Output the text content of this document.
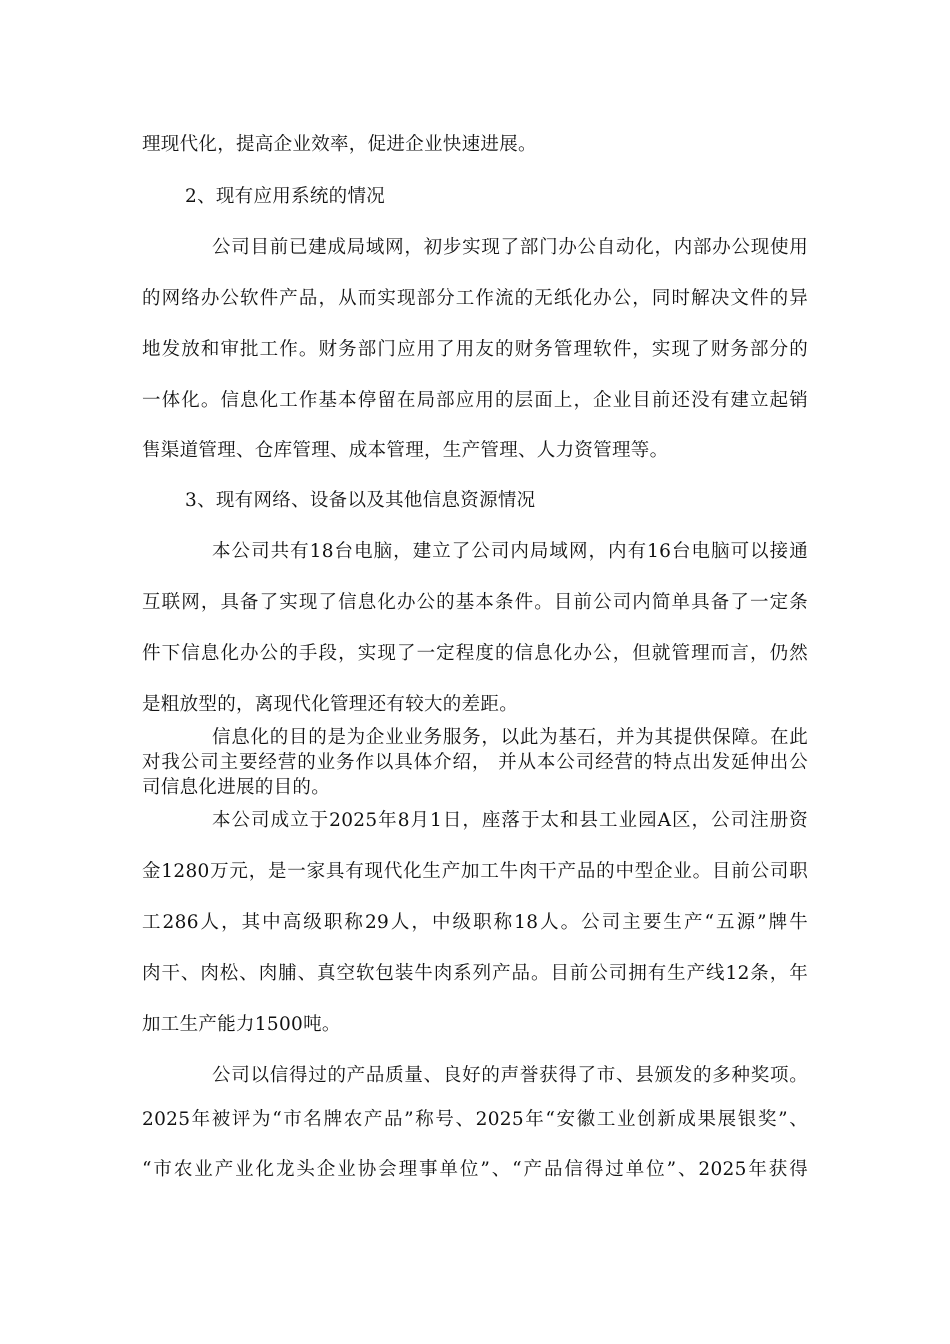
理现代化，提高企业效率，促进企业快速进展。
2、现有应用系统的情况
公司目前已建成局域网，初步实现了部门办公自动化，内部办公现使用
的网络办公软件产品，从而实现部分工作流的无纸化办公，同时解决文件的异
地发放和审批工作。财务部门应用了用友的财务管理软件，实现了财务部分的
一体化。信息化工作基本停留在局部应用的层面上，企业目前还没有建立起销
售渠道管理、仓库管理、成本管理，生产管理、人力资管理等。
3、现有网络、设备以及其他信息资源情况
本公司共有18台电脑，建立了公司内局域网，内有16台电脑可以接通
互联网，具备了实现了信息化办公的基本条件。目前公司内简单具备了一定条
件下信息化办公的手段，实现了一定程度的信息化办公，但就管理而言，仍然
是粗放型的，离现代化管理还有较大的差距。
信息化的目的是为企业业务服务，以此为基石，并为其提供保障。在此
对我公司主要经营的业务作以具体介绍， 并从本公司经营的特点出发延伸出公
司信息化进展的目的。
本公司成立于2025年8月1日，座落于太和县工业园A区，公司注册资
金1280万元，是一家具有现代化生产加工牛肉干产品的中型企业。目前公司职
工286人，其中高级职称29人，中级职称18人。公司主要生产“五源”牌牛
肉干、肉松、肉脯、真空软包装牛肉系列产品。目前公司拥有生产线12条，年
加工生产能力1500吨。
公司以信得过的产品质量、良好的声誉获得了市、县颁发的多种奖项。
2025年被评为“市名牌农产品”称号、2025年“安徽工业创新成果展银奖”、
“市农业产业化龙头企业协会理事单位”、“产品信得过单位”、2025年获得
